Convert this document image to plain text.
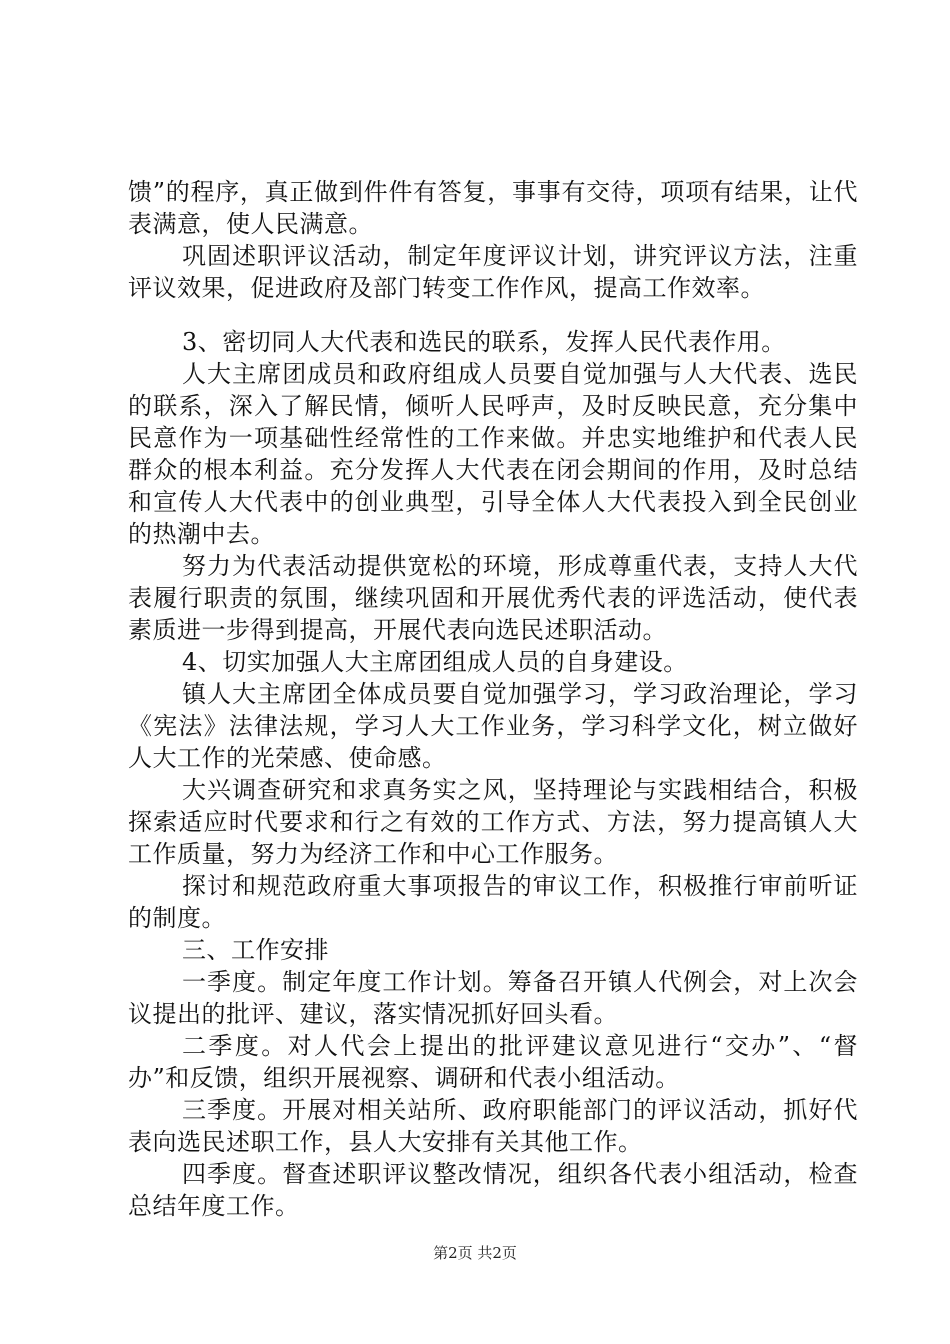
馈”的程序，真正做到件件有答复，事事有交待，项项有结果，让代表满意，使人民满意。

巩固述职评议活动，制定年度评议计划，讲究评议方法，注重评议效果，促进政府及部门转变工作作风，提高工作效率。

3、密切同人大代表和选民的联系，发挥人民代表作用。

人大主席团成员和政府组成人员要自觉加强与人大代表、选民的联系，深入了解民情，倾听人民呼声，及时反映民意，充分集中民意作为一项基础性经常性的工作来做。并忠实地维护和代表人民群众的根本利益。充分发挥人大代表在闭会期间的作用，及时总结和宣传人大代表中的创业典型，引导全体人大代表投入到全民创业的热潮中去。

努力为代表活动提供宽松的环境，形成尊重代表，支持人大代表履行职责的氛围，继续巩固和开展优秀代表的评选活动，使代表素质进一步得到提高，开展代表向选民述职活动。

4、切实加强人大主席团组成人员的自身建设。

镇人大主席团全体成员要自觉加强学习，学习政治理论，学习《宪法》法律法规，学习人大工作业务，学习科学文化，树立做好人大工作的光荣感、使命感。

大兴调查研究和求真务实之风，坚持理论与实践相结合，积极探索适应时代要求和行之有效的工作方式、方法，努力提高镇人大工作质量，努力为经济工作和中心工作服务。

探讨和规范政府重大事项报告的审议工作，积极推行审前听证的制度。

三、工作安排

一季度。制定年度工作计划。筹备召开镇人代例会，对上次会议提出的批评、建议，落实情况抓好回头看。

二季度。对人代会上提出的批评建议意见进行“交办”、“督办”和反馈，组织开展视察、调研和代表小组活动。

三季度。开展对相关站所、政府职能部门的评议活动，抓好代表向选民述职工作，县人大安排有关其他工作。

四季度。督查述职评议整改情况，组织各代表小组活动，检查总结年度工作。

第2页 共2页
